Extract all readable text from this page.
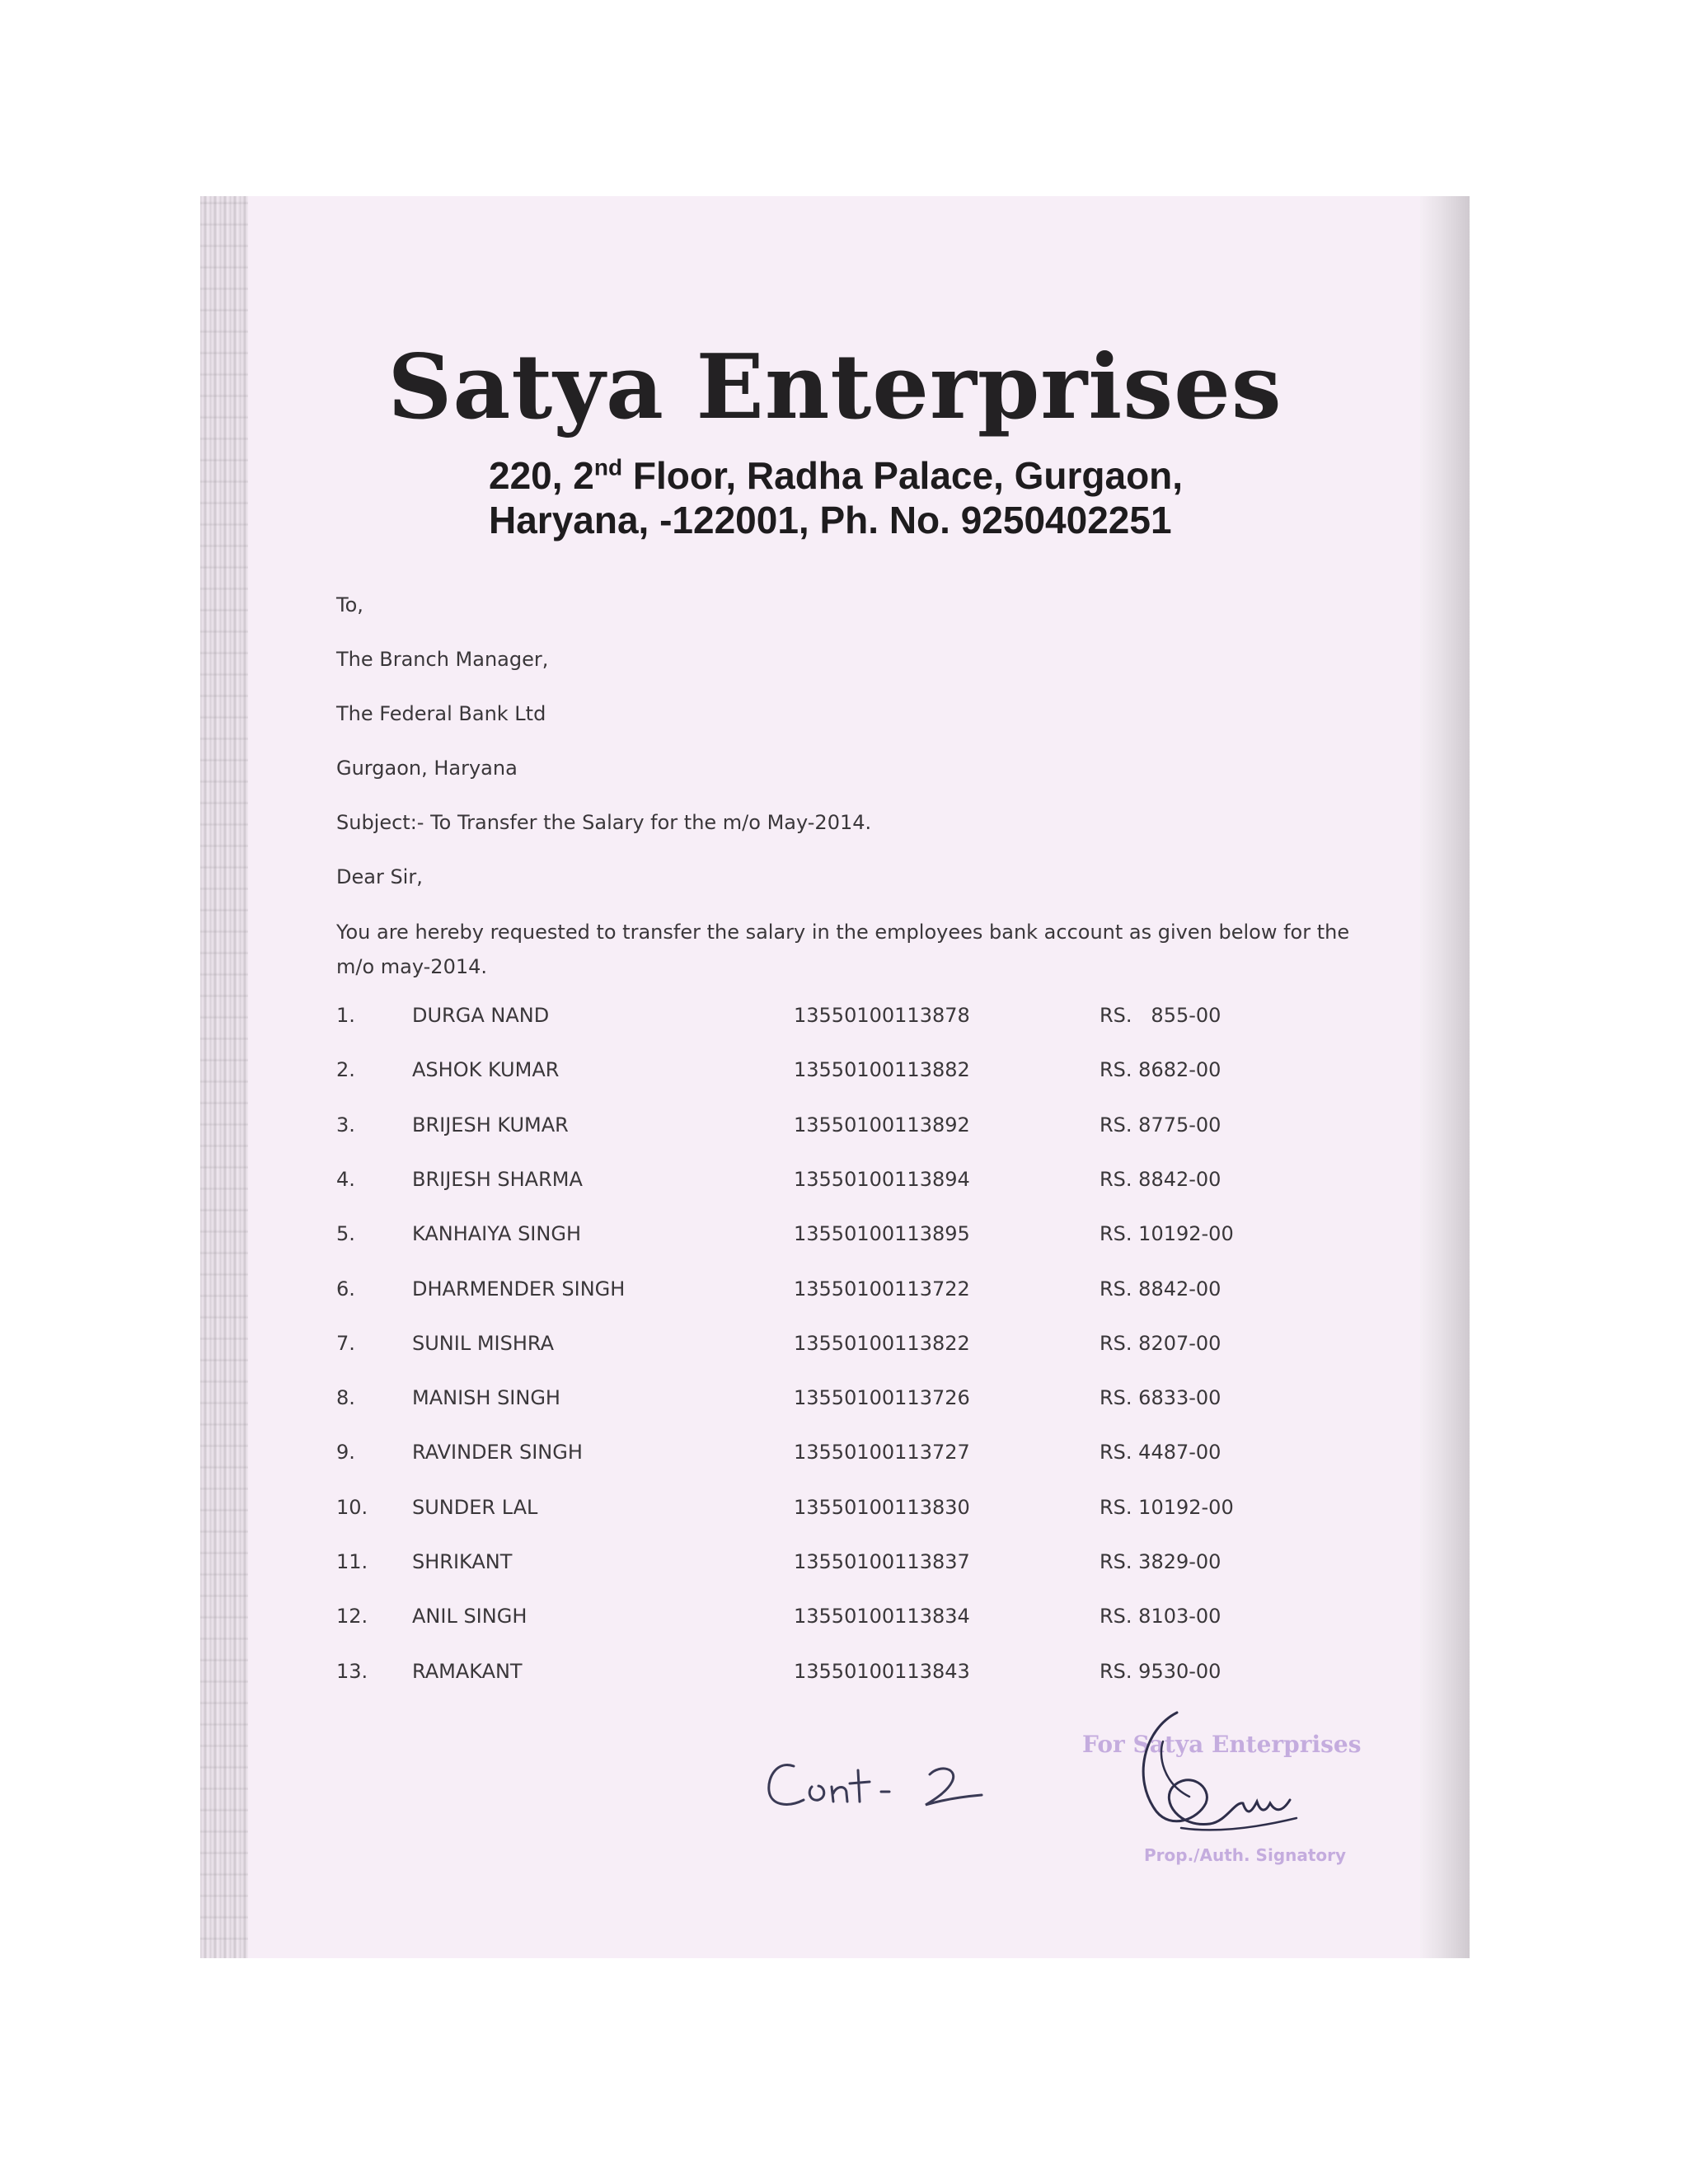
Satya Enterprises
220, 2nd Floor, Radha Palace, Gurgaon,
Haryana, -122001, Ph. No. 9250402251
To,
The Branch Manager,
The Federal Bank Ltd
Gurgaon, Haryana
Subject:- To Transfer the Salary for the m/o May-2014.
Dear Sir,
You are hereby requested to transfer the salary in the employees bank account as given below for the m/o may-2014.
1.	DURGA NAND	13550100113878	RS.   855-00
2.	ASHOK KUMAR	13550100113882	RS. 8682-00
3.	BRIJESH KUMAR	13550100113892	RS. 8775-00
4.	BRIJESH SHARMA	13550100113894	RS. 8842-00
5.	KANHAIYA SINGH	13550100113895	RS. 10192-00
6.	DHARMENDER SINGH	13550100113722	RS. 8842-00
7.	SUNIL MISHRA	13550100113822	RS. 8207-00
8.	MANISH SINGH	13550100113726	RS. 6833-00
9.	RAVINDER SINGH	13550100113727	RS. 4487-00
10. SUNDER LAL	13550100113830	RS. 10192-00
11. SHRIKANT	13550100113837	RS. 3829-00
12. ANIL SINGH	13550100113834	RS. 8103-00
13. RAMAKANT	13550100113843	RS. 9530-00
Cont. 2	For Satya Enterprises
Prop./Auth. Signatory
